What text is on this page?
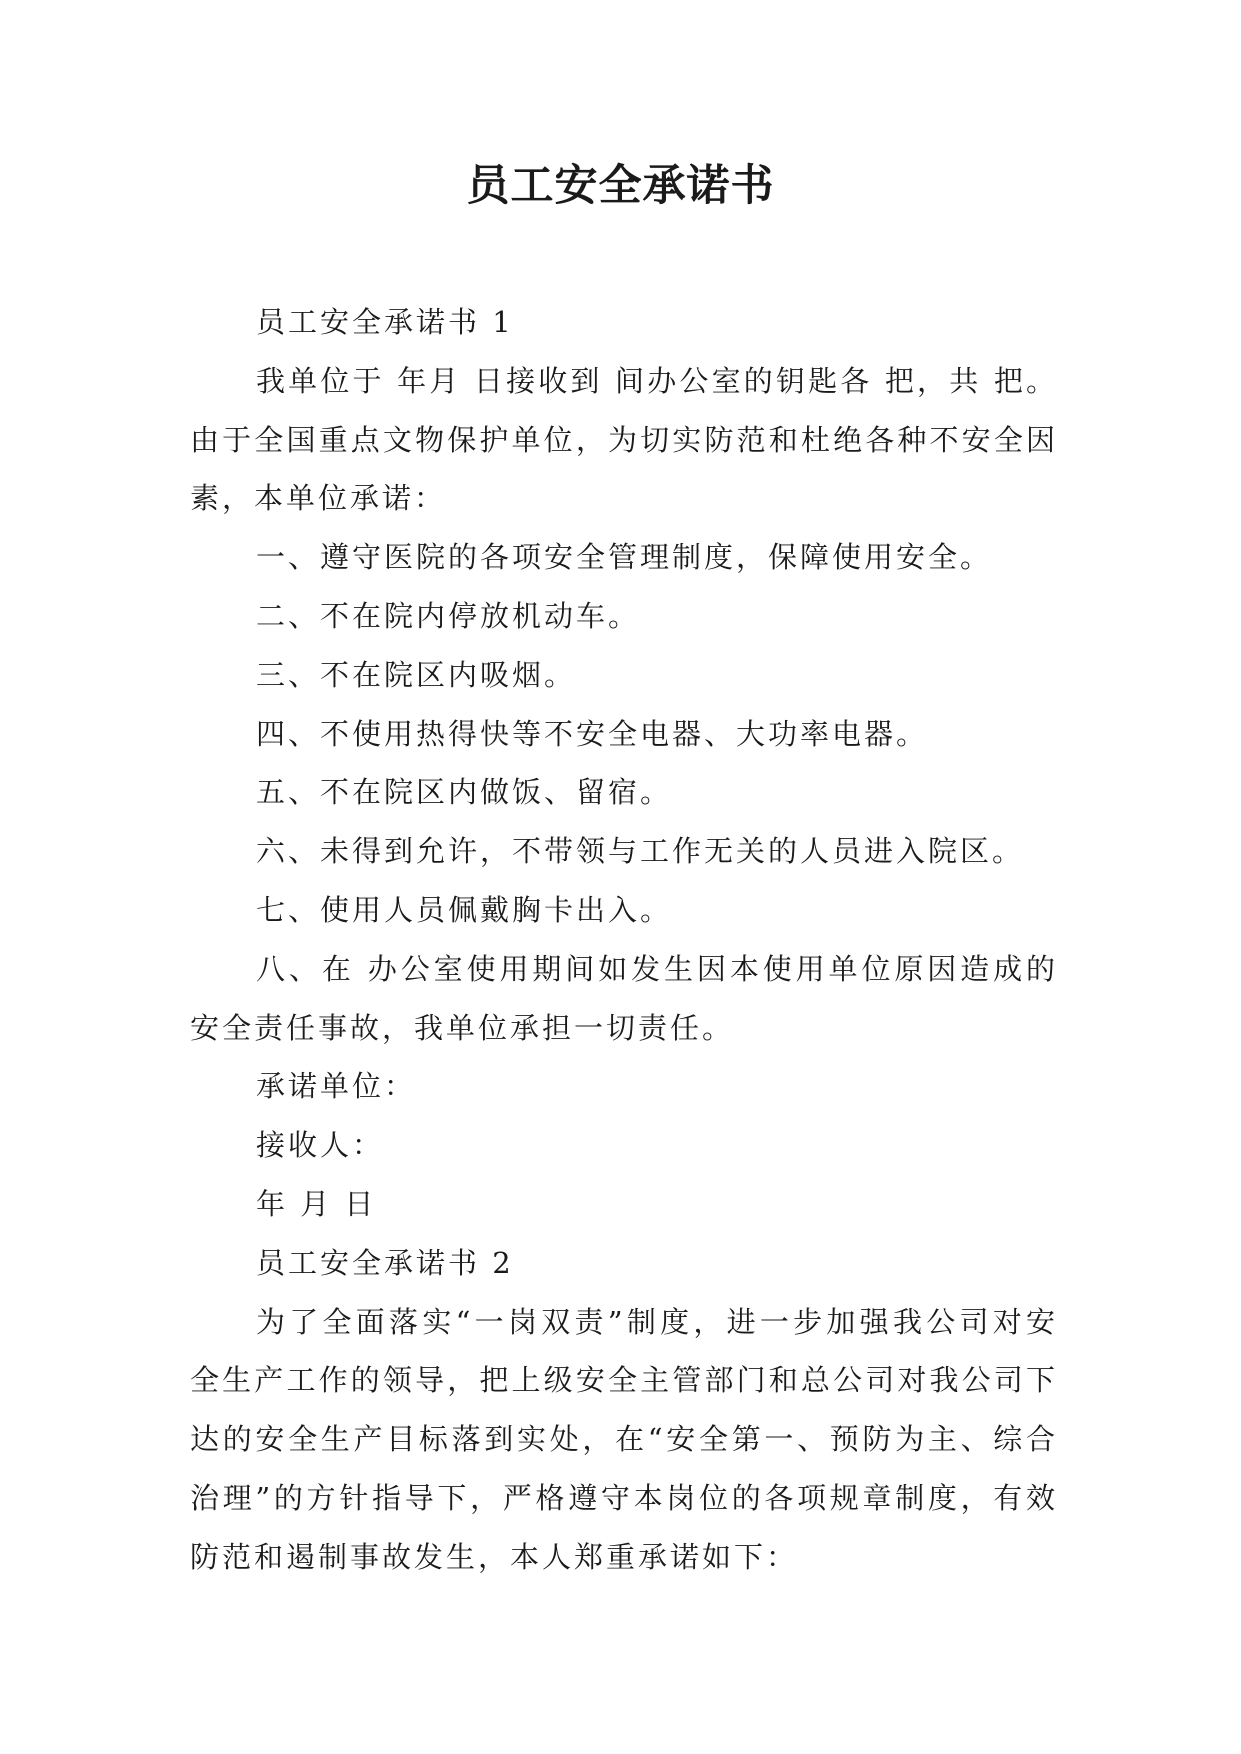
员工安全承诺书

员工安全承诺书 1

我单位于 年月 日接收到 间办公室的钥匙各 把，共 把。由于全国重点文物保护单位，为切实防范和杜绝各种不安全因素，本单位承诺：

一、遵守医院的各项安全管理制度，保障使用安全。

二、不在院内停放机动车。

三、不在院区内吸烟。

四、不使用热得快等不安全电器、大功率电器。

五、不在院区内做饭、留宿。

六、未得到允许，不带领与工作无关的人员进入院区。

七、使用人员佩戴胸卡出入。

八、在 办公室使用期间如发生因本使用单位原因造成的安全责任事故，我单位承担一切责任。

承诺单位：

接收人：

年 月 日

员工安全承诺书 2

为了全面落实“一岗双责”制度，进一步加强我公司对安全生产工作的领导，把上级安全主管部门和总公司对我公司下达的安全生产目标落到实处，在“安全第一、预防为主、综合治理”的方针指导下，严格遵守本岗位的各项规章制度，有效防范和遏制事故发生，本人郑重承诺如下：
